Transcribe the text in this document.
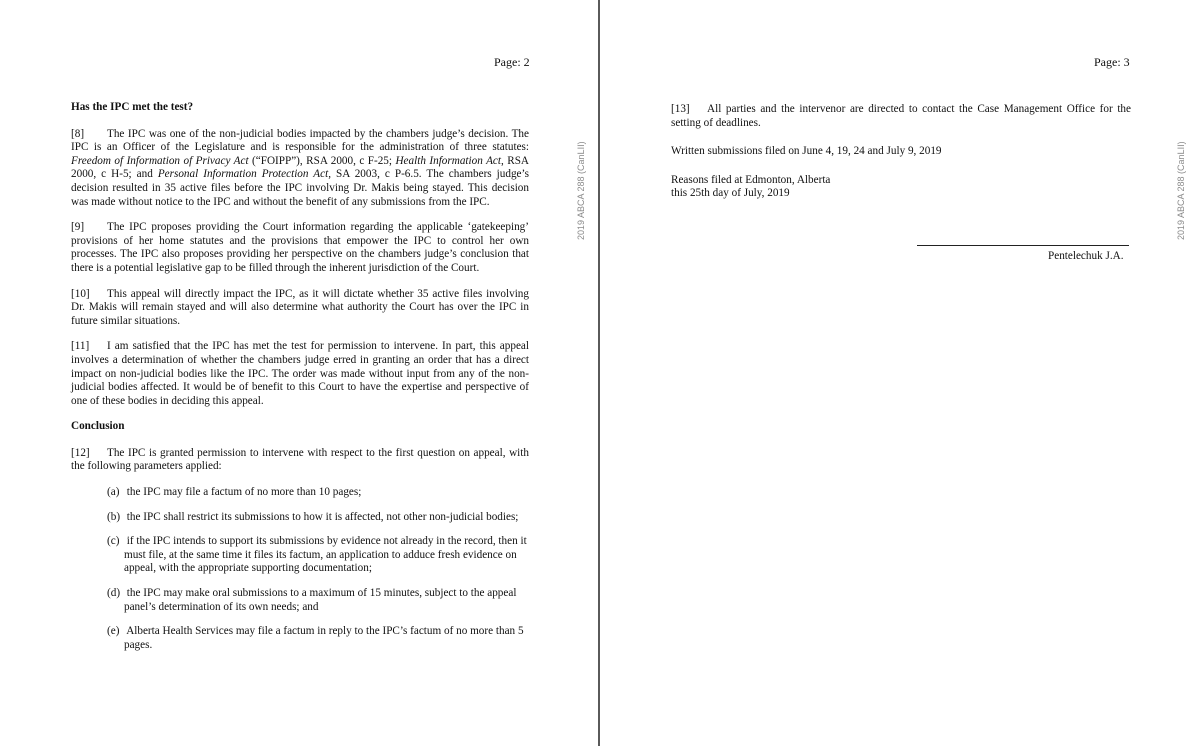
Page: 2
Has the IPC met the test?

[8] The IPC was one of the non-judicial bodies impacted by the chambers judge’s decision. The IPC is an Officer of the Legislature and is responsible for the administration of three statutes: Freedom of Information of Privacy Act (“FOIPP”), RSA 2000, c F-25; Health Information Act, RSA 2000, c H-5; and Personal Information Protection Act, SA 2003, c P-6.5. The chambers judge’s decision resulted in 35 active files before the IPC involving Dr. Makis being stayed. This decision was made without notice to the IPC and without the benefit of any submissions from the IPC.

[9] The IPC proposes providing the Court information regarding the applicable ‘gatekeeping’ provisions of her home statutes and the provisions that empower the IPC to control her own processes. The IPC also proposes providing her perspective on the chambers judge’s conclusion that there is a potential legislative gap to be filled through the inherent jurisdiction of the Court.

[10] This appeal will directly impact the IPC, as it will dictate whether 35 active files involving Dr. Makis will remain stayed and will also determine what authority the Court has over the IPC in future similar situations.

[11] I am satisfied that the IPC has met the test for permission to intervene. In part, this appeal involves a determination of whether the chambers judge erred in granting an order that has a direct impact on non-judicial bodies like the IPC. The order was made without input from any of the non-judicial bodies affected. It would be of benefit to this Court to have the expertise and perspective of one of these bodies in deciding this appeal.

Conclusion

[12] The IPC is granted permission to intervene with respect to the first question on appeal, with the following parameters applied:

(a) the IPC may file a factum of no more than 10 pages;
(b) the IPC shall restrict its submissions to how it is affected, not other non-judicial bodies;
(c) if the IPC intends to support its submissions by evidence not already in the record, then it must file, at the same time it files its factum, an application to adduce fresh evidence on appeal, with the appropriate supporting documentation;
(d) the IPC may make oral submissions to a maximum of 15 minutes, subject to the appeal panel’s determination of its own needs; and
(e) Alberta Health Services may file a factum in reply to the IPC’s factum of no more than 5 pages.
2019 ABCA 288 (CanLII)
Page: 3

[13] All parties and the intervenor are directed to contact the Case Management Office for the setting of deadlines.

Written submissions filed on June 4, 19, 24 and July 9, 2019

Reasons filed at Edmonton, Alberta

this 25th day of July, 2019

Pentelechuk J.A.
2019 ABCA 288 (CanLII)
